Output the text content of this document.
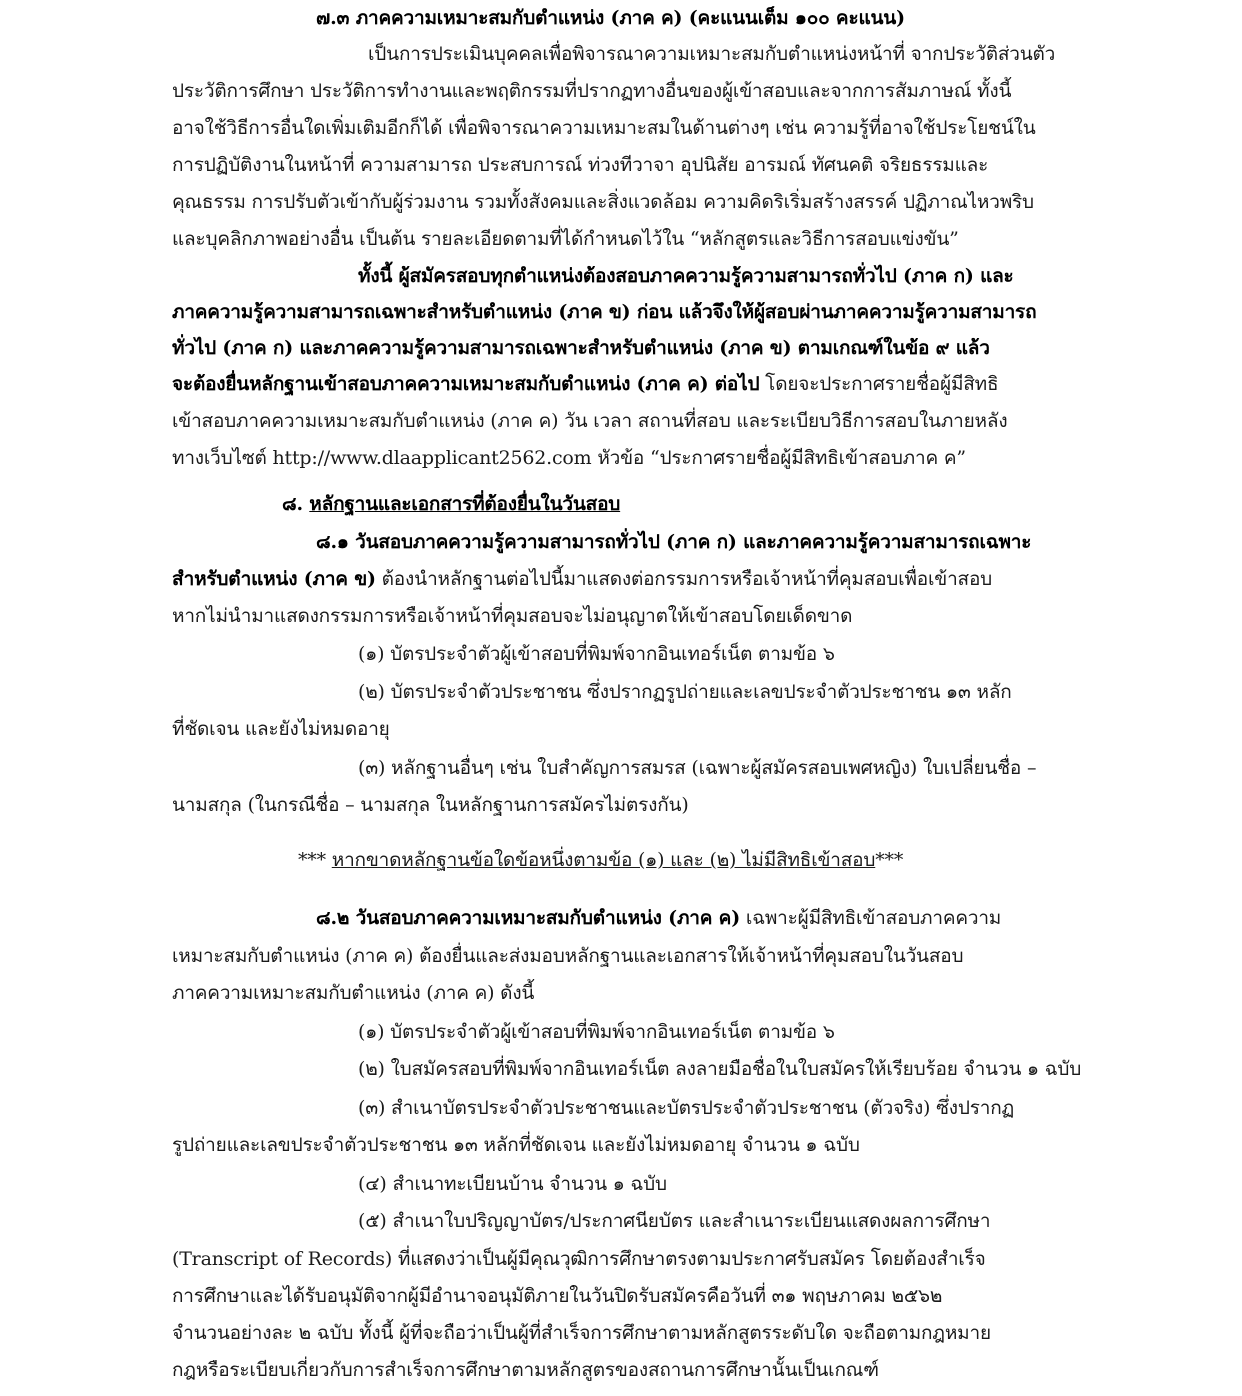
๗.๓ ภาคความเหมาะสมกับตำแหน่ง (ภาค ค) (คะแนนเต็ม ๑๐๐ คะแนน)
เป็นการประเมินบุคคลเพื่อพิจารณาความเหมาะสมกับตำแหน่งหน้าที่ จากประวัติส่วนตัว
ประวัติการศึกษา ประวัติการทำงานและพฤติกรรมที่ปรากฏทางอื่นของผู้เข้าสอบและจากการสัมภาษณ์ ทั้งนี้
อาจใช้วิธีการอื่นใดเพิ่มเติมอีกก็ได้ เพื่อพิจารณาความเหมาะสมในด้านต่างๆ เช่น ความรู้ที่อาจใช้ประโยชน์ใน
การปฏิบัติงานในหน้าที่ ความสามารถ ประสบการณ์ ท่วงทีวาจา อุปนิสัย อารมณ์ ทัศนคติ จริยธรรมและ
คุณธรรม การปรับตัวเข้ากับผู้ร่วมงาน รวมทั้งสังคมและสิ่งแวดล้อม ความคิดริเริ่มสร้างสรรค์ ปฏิภาณไหวพริบ
และบุคลิกภาพอย่างอื่น เป็นต้น รายละเอียดตามที่ได้กำหนดไว้ใน “หลักสูตรและวิธีการสอบแข่งขัน”
ทั้งนี้ ผู้สมัครสอบทุกตำแหน่งต้องสอบภาคความรู้ความสามารถทั่วไป (ภาค ก) และ
ภาคความรู้ความสามารถเฉพาะสำหรับตำแหน่ง (ภาค ข) ก่อน แล้วจึงให้ผู้สอบผ่านภาคความรู้ความสามารถ
ทั่วไป (ภาค ก) และภาคความรู้ความสามารถเฉพาะสำหรับตำแหน่ง (ภาค ข) ตามเกณฑ์ในข้อ ๙ แล้ว
จะต้องยื่นหลักฐานเข้าสอบภาคความเหมาะสมกับตำแหน่ง (ภาค ค) ต่อไป โดยจะประกาศรายชื่อผู้มีสิทธิ
เข้าสอบภาคความเหมาะสมกับตำแหน่ง (ภาค ค) วัน เวลา สถานที่สอบ และระเบียบวิธีการสอบในภายหลัง
ทางเว็บไซต์ http://www.dlaapplicant2562.com หัวข้อ “ประกาศรายชื่อผู้มีสิทธิเข้าสอบภาค ค”
๘. หลักฐานและเอกสารที่ต้องยื่นในวันสอบ
๘.๑ วันสอบภาคความรู้ความสามารถทั่วไป (ภาค ก) และภาคความรู้ความสามารถเฉพาะ
สำหรับตำแหน่ง (ภาค ข) ต้องนำหลักฐานต่อไปนี้มาแสดงต่อกรรมการหรือเจ้าหน้าที่คุมสอบเพื่อเข้าสอบ
หากไม่นำมาแสดงกรรมการหรือเจ้าหน้าที่คุมสอบจะไม่อนุญาตให้เข้าสอบโดยเด็ดขาด
(๑) บัตรประจำตัวผู้เข้าสอบที่พิมพ์จากอินเทอร์เน็ต ตามข้อ ๖
(๒) บัตรประจำตัวประชาชน ซึ่งปรากฏรูปถ่ายและเลขประจำตัวประชาชน ๑๓ หลัก
ที่ชัดเจน และยังไม่หมดอายุ
(๓) หลักฐานอื่นๆ เช่น ใบสำคัญการสมรส (เฉพาะผู้สมัครสอบเพศหญิง) ใบเปลี่ยนชื่อ –
นามสกุล (ในกรณีชื่อ – นามสกุล ในหลักฐานการสมัครไม่ตรงกัน)
*** หากขาดหลักฐานข้อใดข้อหนึ่งตามข้อ (๑) และ (๒) ไม่มีสิทธิเข้าสอบ***
๘.๒ วันสอบภาคความเหมาะสมกับตำแหน่ง (ภาค ค) เฉพาะผู้มีสิทธิเข้าสอบภาคความ
เหมาะสมกับตำแหน่ง (ภาค ค) ต้องยื่นและส่งมอบหลักฐานและเอกสารให้เจ้าหน้าที่คุมสอบในวันสอบ
ภาคความเหมาะสมกับตำแหน่ง (ภาค ค) ดังนี้
(๑) บัตรประจำตัวผู้เข้าสอบที่พิมพ์จากอินเทอร์เน็ต ตามข้อ ๖
(๒) ใบสมัครสอบที่พิมพ์จากอินเทอร์เน็ต ลงลายมือชื่อในใบสมัครให้เรียบร้อย จำนวน ๑ ฉบับ
(๓) สำเนาบัตรประจำตัวประชาชนและบัตรประจำตัวประชาชน (ตัวจริง) ซึ่งปรากฏ
รูปถ่ายและเลขประจำตัวประชาชน ๑๓ หลักที่ชัดเจน และยังไม่หมดอายุ จำนวน ๑ ฉบับ
(๔) สำเนาทะเบียนบ้าน จำนวน ๑ ฉบับ
(๕) สำเนาใบปริญญาบัตร/ประกาศนียบัตร และสำเนาระเบียนแสดงผลการศึกษา
(Transcript of Records) ที่แสดงว่าเป็นผู้มีคุณวุฒิการศึกษาตรงตามประกาศรับสมัคร โดยต้องสำเร็จ
การศึกษาและได้รับอนุมัติจากผู้มีอำนาจอนุมัติภายในวันปิดรับสมัครคือวันที่ ๓๑ พฤษภาคม ๒๕๖๒
จำนวนอย่างละ ๒ ฉบับ ทั้งนี้ ผู้ที่จะถือว่าเป็นผู้ที่สำเร็จการศึกษาตามหลักสูตรระดับใด จะถือตามกฎหมาย
กฎหรือระเบียบเกี่ยวกับการสำเร็จการศึกษาตามหลักสูตรของสถานการศึกษานั้นเป็นเกณฑ์
